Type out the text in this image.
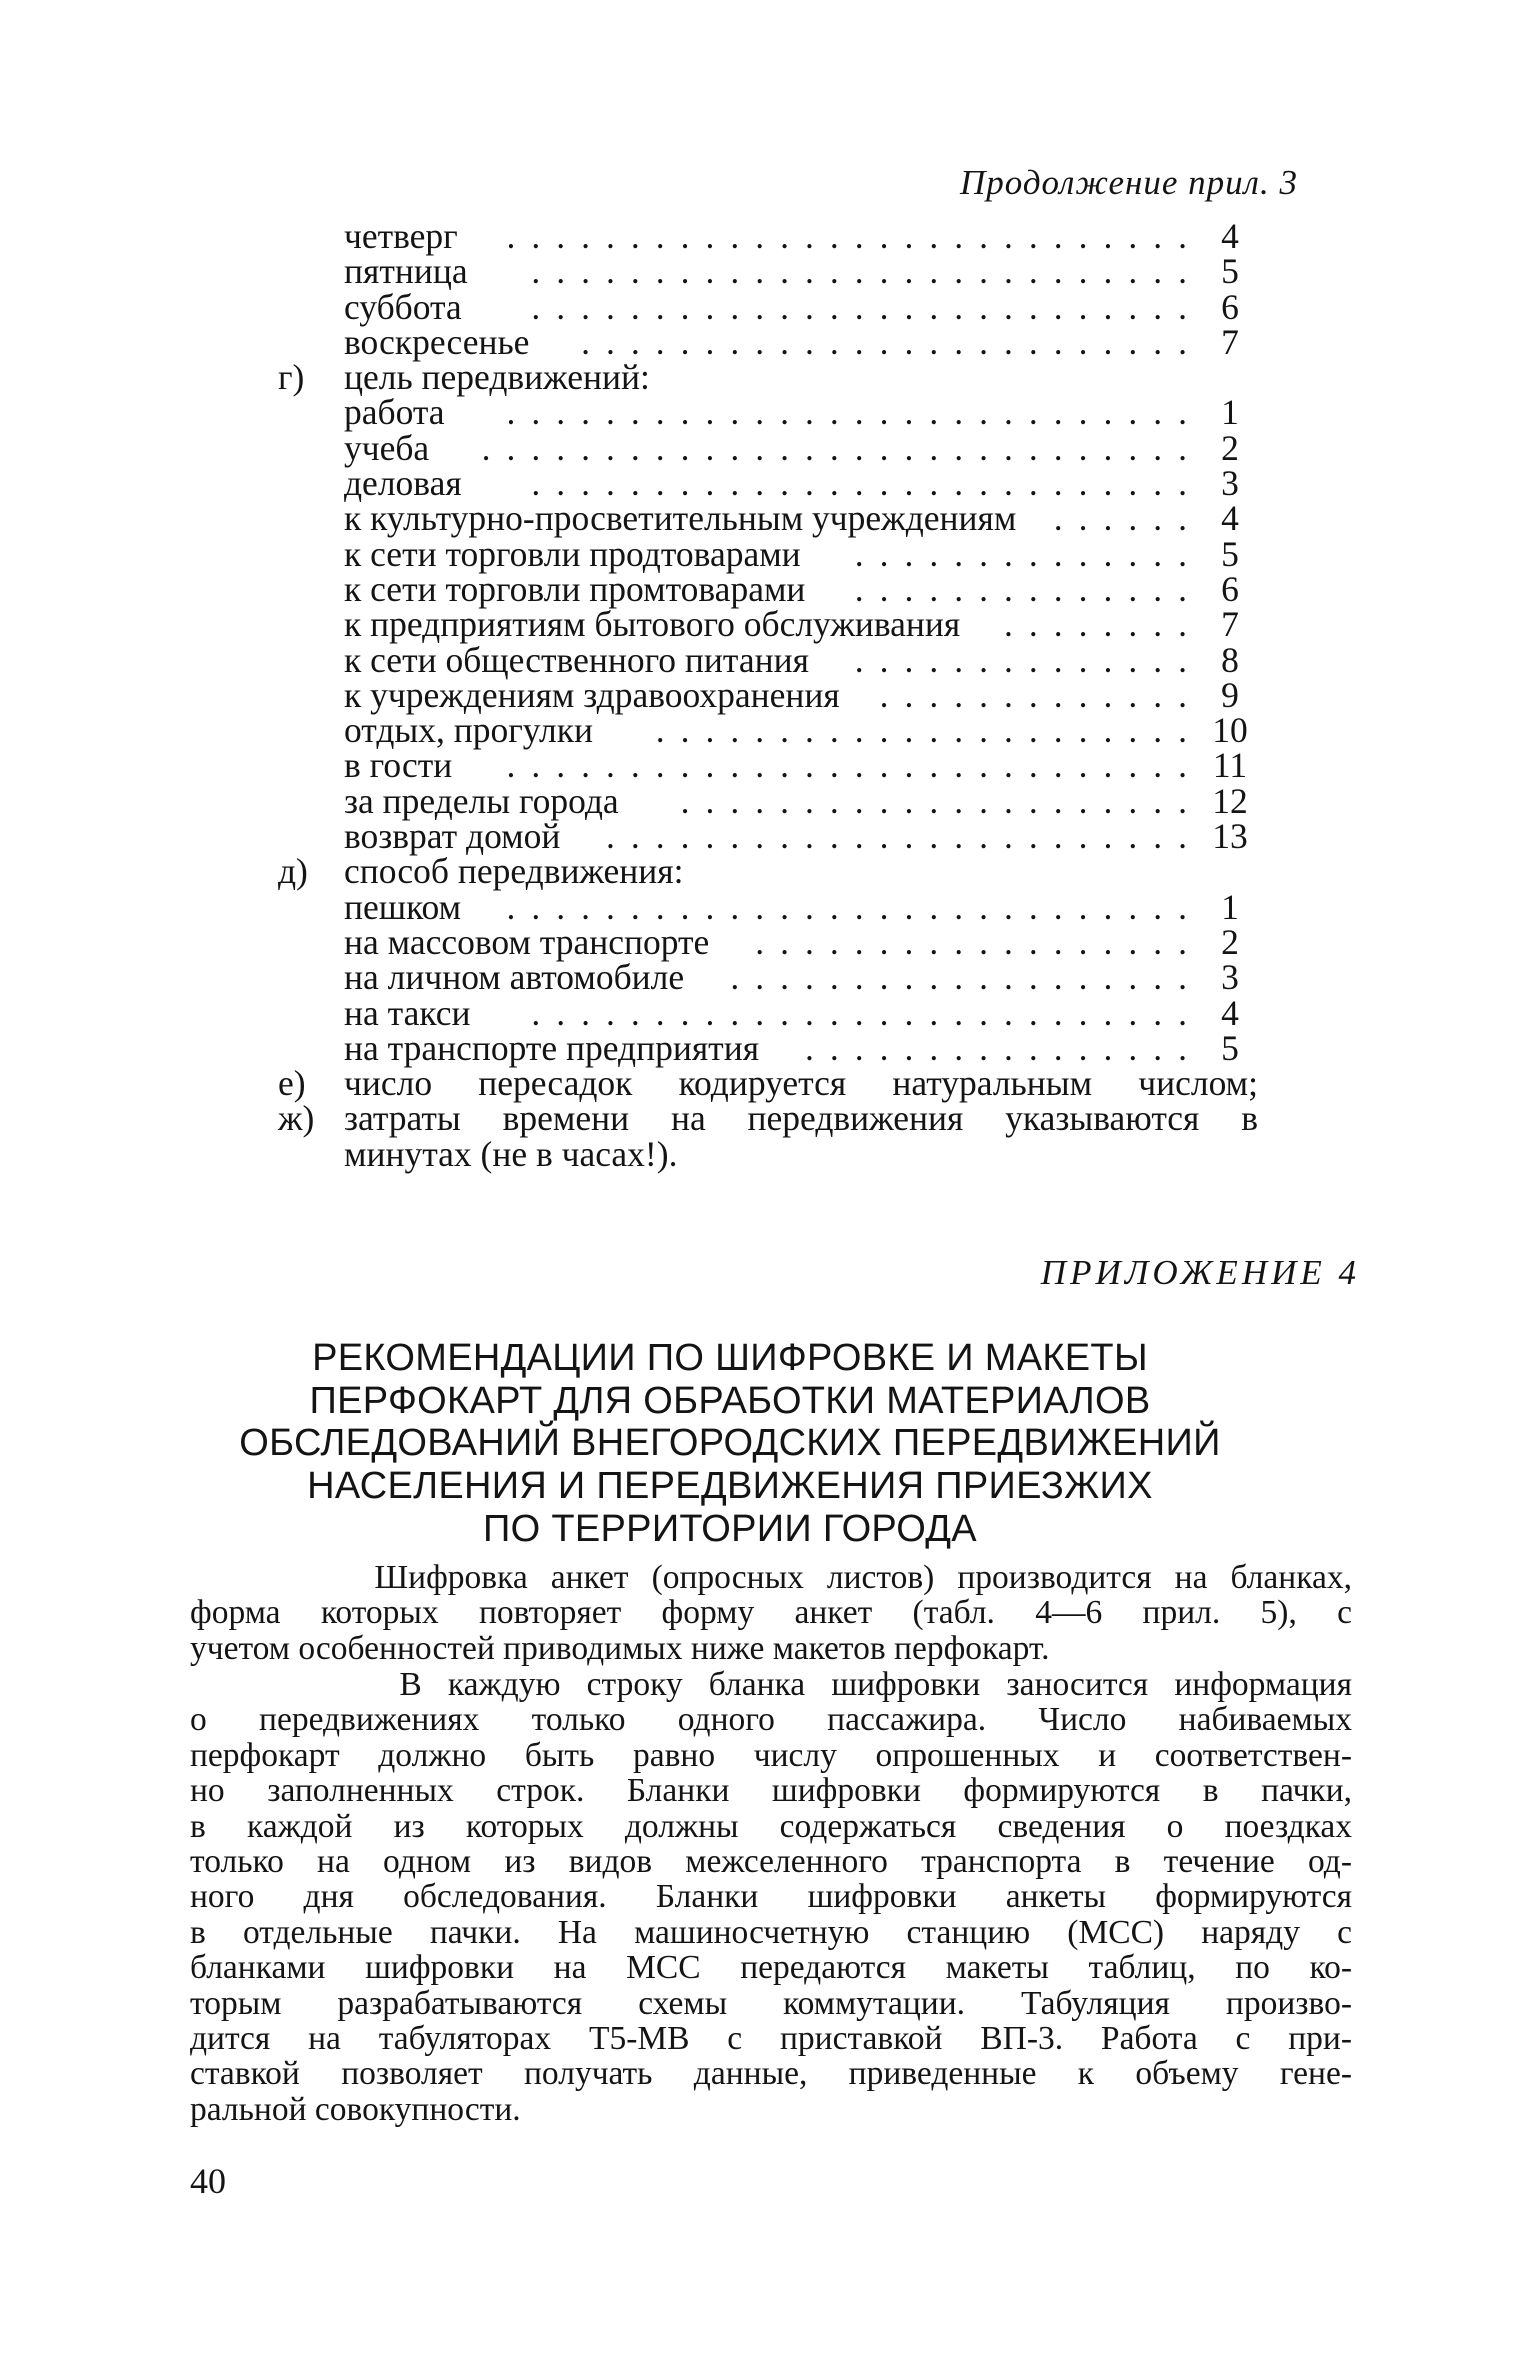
Продолжение прил. 3
четверг ............................ 4
пятница ........................... 5
суббота ........................... 6
воскресенье ......................... 7
г)	цель передвижений:
работа ............................ 1
учеба ............................. 2
деловая ........................... 3
к культурно-просветительным учреждениям ...... 4
к сети торговли продтоварами .............. 5
к сети торговли промтоварами .............. 6
к предприятиям бытового обслуживания ........ 7
к сети общественного питания .............. 8
к учреждениям здравоохранения ............. 9
отдых, прогулки ...................... 10
в гости ............................ 11
за пределы города ..................... 12
возврат домой ........................ 13
д)	способ передвижения:
пешком ............................ 1
на массовом транспорте .................. 2
на личном автомобиле ................... 3
на такси ........................... 4
на транспорте предприятия ................ 5
е)	число пересадок кодируется натуральным числом;
ж) затраты времени на передвижения указываются в
минутах (не в часах!).
ПРИЛОЖЕНИЕ 4
РЕКОМЕНДАЦИИ ПО ШИФРОВКЕ И МАКЕТЫ
ПЕРФОКАРТ ДЛЯ ОБРАБОТКИ МАТЕРИАЛОВ
ОБСЛЕДОВАНИЙ ВНЕГОРОДСКИХ ПЕРЕДВИЖЕНИЙ
НАСЕЛЕНИЯ И ПЕРЕДВИЖЕНИЯ ПРИЕЗЖИХ
ПО ТЕРРИТОРИИ ГОРОДА
Шифровка анкет (опросных листов) производится на бланках,
форма которых повторяет форму анкет (табл. 4—6 прил. 5), с
учетом особенностей приводимых ниже макетов перфокарт.
В каждую строку бланка шифровки заносится информация
о передвижениях только одного пассажира. Число набиваемых
перфокарт должно быть равно числу опрошенных и соответствен-
но заполненных строк. Бланки шифровки формируются в пачки,
в каждой из которых должны содержаться сведения о поездках
только на одном из видов межселенного транспорта в течение од-
ного дня обследования. Бланки шифровки анкеты формируются
в отдельные пачки. На машиносчетную станцию (МСС) наряду с
бланками шифровки на МСС передаются макеты таблиц, по ко-
торым разрабатываются схемы коммутации. Табуляция произво-
дится на табуляторах Т5-МВ с приставкой ВП-3. Работа с при-
ставкой позволяет получать данные, приведенные к объему гене-
ральной совокупности.
40
